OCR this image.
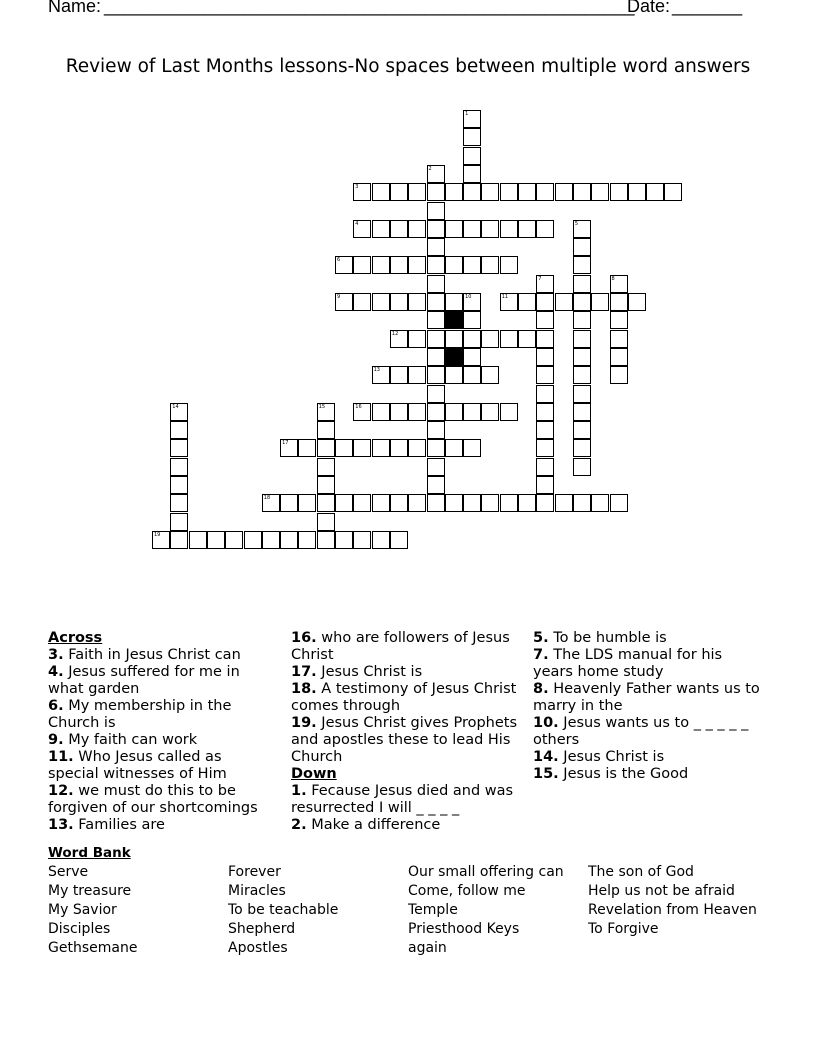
Name: _____________________________________________________
Date: _______
Review of Last Months lessons-No spaces between multiple word answers
1
2
3
4	5
6
7	8
9	10	11
12
13
14	15	16
17
18
19
Across
3. Faith in Jesus Christ can
4. Jesus suffered for me in what garden
6. My membership in the Church is
9. My faith can work
11. Who Jesus called as special witnesses of Him
12. we must do this to be forgiven of our shortcomings
13. Families are
16. who are followers of Jesus Christ
17. Jesus Christ is
18. A testimony of Jesus Christ comes through
19. Jesus Christ gives Prophets and apostles these to lead His Church
Down
1. Fecause Jesus died and was resurrected I will _ _ _ _
2. Make a difference
5. To be humble is
7. The LDS manual for his years home study
8. Heavenly Father wants us to marry in the
10. Jesus wants us to _ _ _ _ _ others
14. Jesus Christ is
15. Jesus is the Good
Word Bank
Serve
My treasure
My Savior
Disciples
Gethsemane
Forever
Miracles
To be teachable
Shepherd
Apostles
Our small offering can
Come, follow me
Temple
Priesthood Keys
again
The son of God
Help us not be afraid
Revelation from Heaven
To Forgive
